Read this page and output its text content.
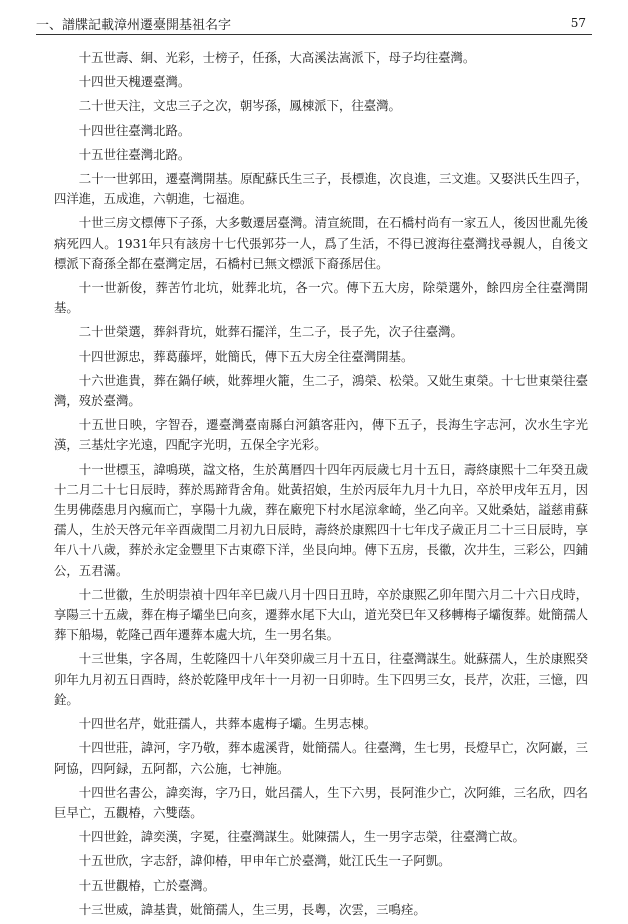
一、譜牒記載漳州遷臺開基祖名字	57

十五世壽、絅、光彩，士榜子，任孫，大高溪法嵩派下，母子均往臺灣。

十四世天槐遷臺灣。

二十世天注，文忠三子之次，朝岑孫，鳳棟派下，往臺灣。

十四世往臺灣北路。

十五世往臺灣北路。

二十一世郭田，遷臺灣開基。原配蘇氏生三子，長標進，次良進，三文進。又娶洪氏生四子，四洋進，五成進，六朝進，七福進。

十世三房文標傳下子孫，大多數遷居臺灣。清宣統間，在石橋村尚有一家五人，後因世亂先後病死四人。1931年只有該房十七代張郭芬一人，爲了生活，不得已渡海往臺灣找尋親人，自後文標派下裔孫全都在臺灣定居，石橋村已無文標派下裔孫居住。

十一世新俊，葬苦竹北坑，妣葬北坑，各一穴。傳下五大房，除榮選外，餘四房全往臺灣開基。

二十世榮選，葬斜背坑，妣葬石擺洋，生二子，長子先，次子往臺灣。

十四世源忠，葬葛藤坪，妣簡氏，傳下五大房全往臺灣開基。

十六世進貴，葬在鍋仔峽，妣葬埋火籠，生二子，鴻榮、松榮。又妣生東榮。十七世東榮往臺灣，歿於臺灣。

十五世日映，字智吞，遷臺灣臺南縣白河鎮客莊內，傳下五子，長海生字志河，次水生字光漢，三基灶字光遠，四配字光明，五保全字光彩。

十一世標玉，諱鳴瑛，諡文格，生於萬曆四十四年丙辰歲七月十五日，壽終康熙十二年癸丑歲十二月二十七日辰時，葬於馬蹄背舍角。妣黃招娘，生於丙辰年九月十九日，卒於甲戌年五月，因生男佛蔭患月內瘋而亡，享陽十九歲，葬在廠兜下村水尾涼傘崎，坐乙向辛。又妣桑姑，謚慈甫蘇孺人，生於天啓元年辛酉歲閏二月初九日辰時，壽終於康熙四十七年戊子歲正月二十三日辰時，享年八十八歲，葬於永定金豐里下古東磜下洋，坐艮向坤。傳下五房，長徽，次井生，三彩公，四鋪公，五君滿。

十二世徽，生於明崇禎十四年辛巳歲八月十四日丑時，卒於康熙乙卯年閏六月二十六日戌時，享陽三十五歲，葬在梅子壩坐巳向亥，遷葬水尾下大山，道光癸巳年又移轉梅子壩復葬。妣簡孺人葬下船場，乾隆己酉年遷葬本處大坑，生一男名集。

十三世集，字各周，生乾隆四十八年癸卯歲三月十五日，往臺灣謀生。妣蘇孺人，生於康熙癸卯年九月初五日酉時，終於乾隆甲戌年十一月初一日卯時。生下四男三女，長芹，次莊，三憶，四銓。

十四世名芹，妣莊孺人，共葬本處梅子壩。生男志棟。

十四世莊，諱河，字乃敬，葬本處溪背，妣簡孺人。往臺灣，生七男，長燈早亡，次阿巖，三阿協，四阿録，五阿都，六公施，七神施。

十四世名書公，諱奕海，字乃日，妣呂孺人，生下六男，長阿淮少亡，次阿維，三名欣，四名巨早亡，五觀椿，六雙蔭。

十四世銓，諱奕漢，字冕，往臺灣謀生。妣陳孺人，生一男字志榮，往臺灣亡故。

十五世欣，字志舒，諱仰椿，甲申年亡於臺灣，妣江氏生一子阿凱。

十五世觀椿，亡於臺灣。

十三世威，諱基貴，妣簡孺人，生三男，長粵，次雲，三鳴痊。
